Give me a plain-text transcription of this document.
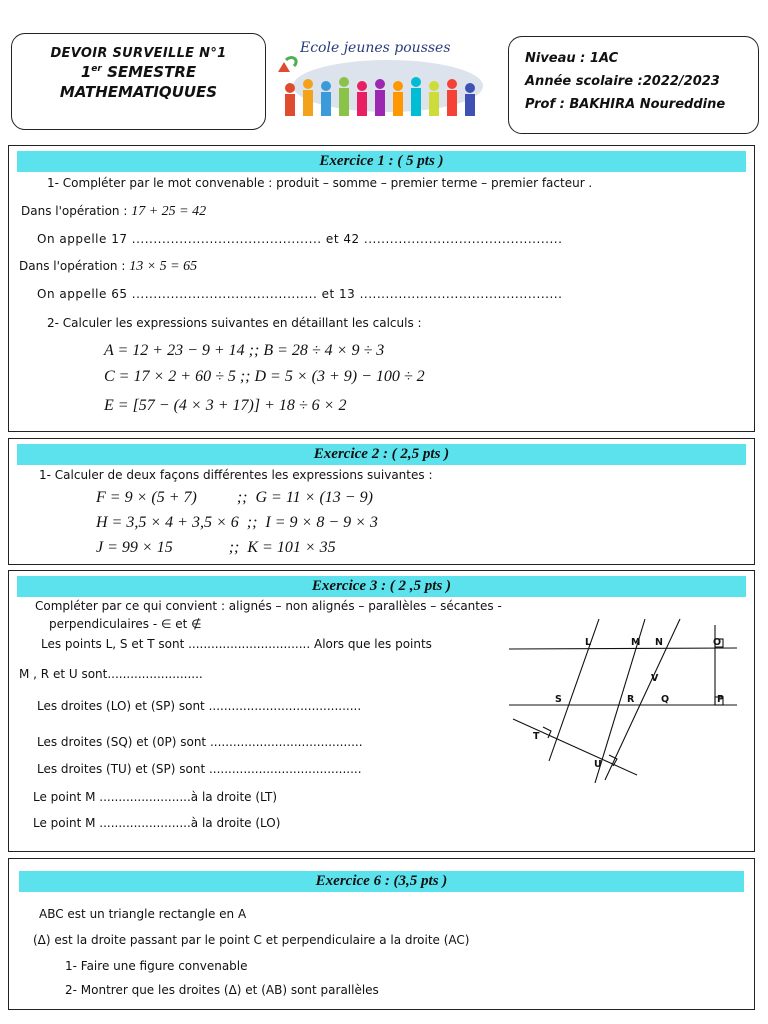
DEVOIR SURVEILLE N°1
1er SEMESTRE
MATHEMATIQUUES
Ecole jeunes pousses
Niveau : 1AC
Année scolaire :2022/2023
Prof : BAKHIRA Noureddine
Exercice 1 : ( 5 pts )
1- Compléter par le mot convenable : produit – somme – premier terme – premier facteur .
Dans l'opération : 17 + 25 = 42
On appelle 17 ............................................ et 42 ..............................................
Dans l'opération : 13 × 5 = 65
On appelle 65 ........................................... et 13 ...............................................
2- Calculer les expressions suivantes en détaillant les calculs :
A = 12 + 23 − 9 + 14 ;; B = 28 ÷ 4 × 9 ÷ 3
C = 17 × 2 + 60 ÷ 5 ;; D = 5 × (3 + 9) − 100 ÷ 2
E = [57 − (4 × 3 + 17)] + 18 ÷ 6 × 2
Exercice 2 : ( 2,5 pts )
1- Calculer de deux façons différentes les expressions suivantes :
F = 9 × (5 + 7)          ;;  G = 11 × (13 − 9)
H = 3,5 × 4 + 3,5 × 6  ;;  I = 9 × 8 − 9 × 3
J = 99 × 15              ;;  K = 101 × 35
Exercice 3 : ( 2 ,5 pts )
Compléter par ce qui convient : alignés – non alignés – parallèles – sécantes -
perpendiculaires - ∈ et ∉
Les points L, S et T sont ................................ Alors que les points
M , R et U sont.........................
Les droites (LO) et (SP) sont ........................................
Les droites (SQ) et (0P) sont ........................................
Les droites (TU) et (SP) sont ........................................
Le point M ........................à la droite (LT)
Le point M ........................à la droite (LO)
L	M N	O
V
S	R	Q	P
T
U
Exercice 6 : (3,5 pts )
ABC est un triangle rectangle en A
(Δ) est la droite passant par le point C et perpendiculaire a la droite (AC)
1- Faire une figure convenable
2- Montrer que les droites (Δ) et (AB) sont parallèles
